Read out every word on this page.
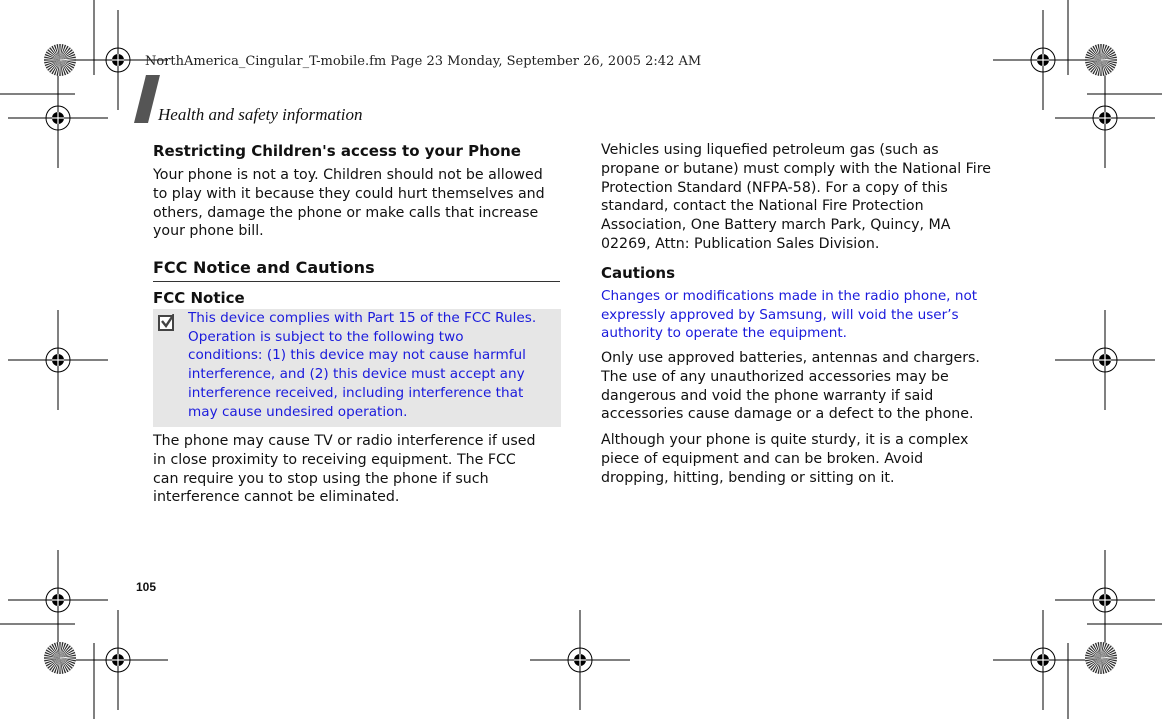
NorthAmerica_Cingular_T-mobile.fm Page 23 Monday, September 26, 2005 2:42 AM
Health and safety information
Restricting Children's access to your Phone
Your phone is not a toy. Children should not be allowed
to play with it because they could hurt themselves and
others, damage the phone or make calls that increase
your phone bill.
FCC Notice and Cautions
FCC Notice
This device complies with Part 15 of the FCC Rules.
Operation is subject to the following two
conditions: (1) this device may not cause harmful
interference, and (2) this device must accept any
interference received, including interference that
may cause undesired operation.
The phone may cause TV or radio interference if used
in close proximity to receiving equipment. The FCC
can require you to stop using the phone if such
interference cannot be eliminated.
Vehicles using liquefied petroleum gas (such as
propane or butane) must comply with the National Fire
Protection Standard (NFPA-58). For a copy of this
standard, contact the National Fire Protection
Association, One Battery march Park, Quincy, MA
02269, Attn: Publication Sales Division.
Cautions
Changes or modifications made in the radio phone, not
expressly approved by Samsung, will void the user’s
authority to operate the equipment.
Only use approved batteries, antennas and chargers.
The use of any unauthorized accessories may be
dangerous and void the phone warranty if said
accessories cause damage or a defect to the phone.
Although your phone is quite sturdy, it is a complex
piece of equipment and can be broken. Avoid
dropping, hitting, bending or sitting on it.
105
